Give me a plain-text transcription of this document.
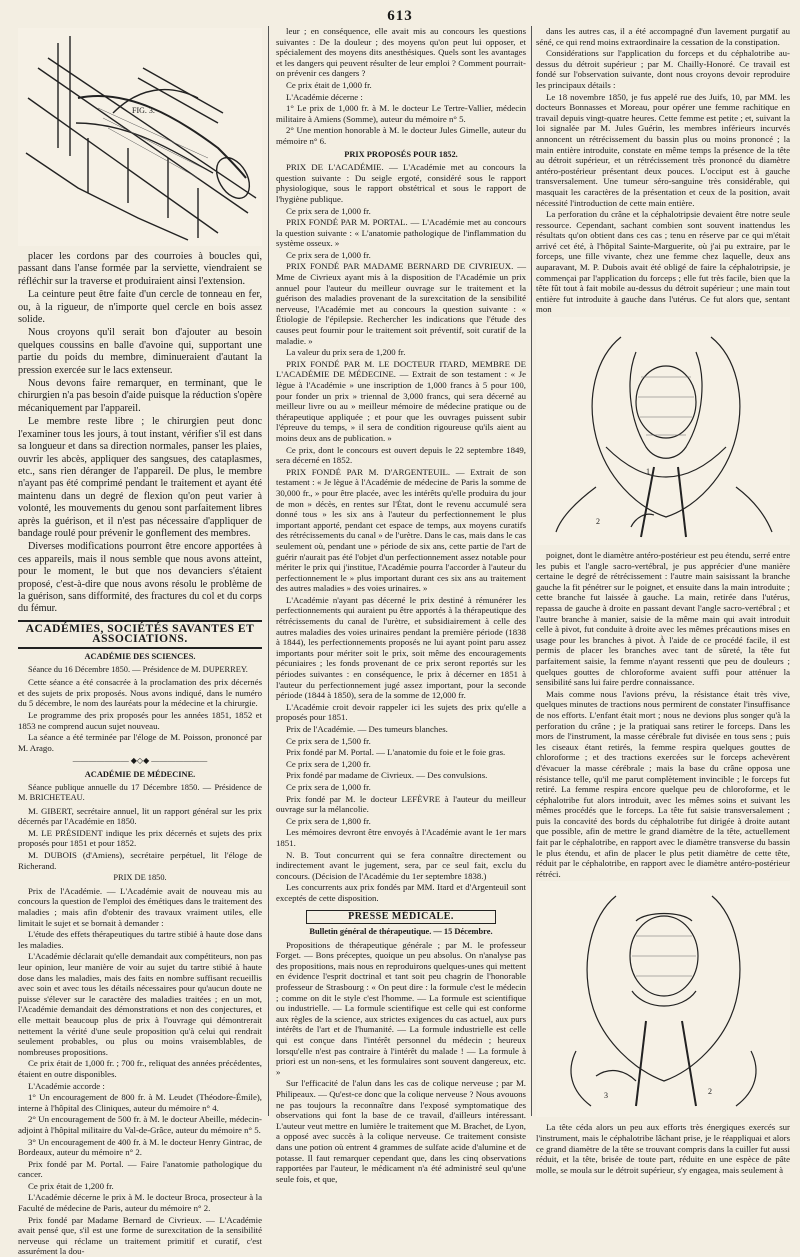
613
FIG. 3.

placer les cordons par des courroies à boucles qui, passant dans l'anse formée par la serviette, viendraient se réfléchir sur la traverse et produiraient ainsi l'extension.

La ceinture peut être faite d'un cercle de tonneau en fer, ou, à la rigueur, de n'importe quel cercle en bois assez solide.

Nous croyons qu'il serait bon d'ajouter au besoin quelques coussins en balle d'avoine qui, supportant une partie du poids du membre, diminueraient d'autant la pression exercée sur le lacs extenseur.

Nous devons faire remarquer, en terminant, que le chirurgien n'a pas besoin d'aide puisque la réduction s'opère mécaniquement par l'appareil.

Le membre reste libre ; le chirurgien peut donc l'examiner tous les jours, à tout instant, vérifier s'il est dans sa longueur et dans sa direction normales, panser les plaies, ouvrir les abcès, appliquer des sangsues, des cataplasmes, etc., sans rien déranger de l'appareil. De plus, le membre n'ayant pas été comprimé pendant le traitement et ayant été maintenu dans un degré de flexion qu'on peut varier à volonté, les mouvements du genou sont parfaitement libres après la guérison, et il n'est pas nécessaire d'appliquer de bandage roulé pour prévenir le gonflement des membres.

Diverses modifications pourront être encore apportées à ces appareils, mais il nous semble que nous avons atteint, pour le moment, le but que nos devanciers s'étaient proposé, c'est-à-dire que nous avons résolu le problème de la guérison, sans difformité, des fractures du col et du corps du fémur.

ACADÉMIES, SOCIÉTÉS SAVANTES ET ASSOCIATIONS.
ACADÉMIE DES SCIENCES.

Séance du 16 Décembre 1850. — Présidence de M. DUPERREY.

Cette séance a été consacrée à la proclamation des prix décernés et des sujets de prix proposés. Nous avons indiqué, dans le numéro du 5 décembre, le nom des lauréats pour la médecine et la chirurgie.

Le programme des prix proposés pour les années 1851, 1852 et 1853 ne comprend aucun sujet nouveau.

La séance a été terminée par l'éloge de M. Poisson, prononcé par M. Arago.

——————— ◆◇◆ ———————
ACADÉMIE DE MÉDECINE.

Séance publique annuelle du 17 Décembre 1850. — Présidence de M. BRICHETEAU.

M. GIBERT, secrétaire annuel, lit un rapport général sur les prix décernés par l'Académie en 1850.

M. LE PRÉSIDENT indique les prix décernés et sujets des prix proposés pour 1851 et pour 1852.

M. DUBOIS (d'Amiens), secrétaire perpétuel, lit l'éloge de Richerand.

PRIX DE 1850.

Prix de l'Académie. — L'Académie avait de nouveau mis au concours la question de l'emploi des émétiques dans le traitement des maladies ; mais afin d'obtenir des travaux vraiment utiles, elle limitait le sujet et se bornait à demander :

L'étude des effets thérapeutiques du tartre stibié à haute dose dans les maladies.

L'Académie déclarait qu'elle demandait aux compétiteurs, non pas leur opinion, leur manière de voir au sujet du tartre stibié à haute dose dans les maladies, mais des faits en nombre suffisant recueillis avec soin et avec tous les détails nécessaires pour qu'aucun doute ne puisse s'élever sur le caractère des maladies traitées ; en un mot, l'Académie demandait des démonstrations et non des conjectures, et elle mettait beaucoup plus de prix à l'ouvrage qui démontrerait nettement la vérité d'une seule proposition qu'à celui qui rendrait seulement probables, ou plus ou moins vraisemblables, de nombreuses propositions.

Ce prix était de 1,000 fr. ; 700 fr., reliquat des années précédentes, étaient en outre disponibles.

L'Académie accorde :

1° Un encouragement de 800 fr. à M. Leudet (Théodore-Émile), interne à l'hôpital des Cliniques, auteur du mémoire n° 4.

2° Un encouragement de 500 fr. à M. le docteur Abeille, médecin-adjoint à l'hôpital militaire du Val-de-Grâce, auteur du mémoire n° 5.

3° Un encouragement de 400 fr. à M. le docteur Henry Gintrac, de Bordeaux, auteur du mémoire n° 2.

Prix fondé par M. Portal. — Faire l'anatomie pathologique du cancer.

Ce prix était de 1,200 fr.

L'Académie décerne le prix à M. le docteur Broca, prosecteur à la Faculté de médecine de Paris, auteur du mémoire n° 2.

Prix fondé par Madame Bernard de Civrieux. — L'Académie avait pensé que, s'il est une forme de surexcitation de la sensibilité nerveuse qui réclame un traitement primitif et curatif, c'est assurément la dou-

leur ; en conséquence, elle avait mis au concours les questions suivantes : De la douleur ; des moyens qu'on peut lui opposer, et spécialement des moyens dits anesthésiques. Quels sont les avantages et les dangers qui peuvent résulter de leur emploi ? Comment pourrait-on prévenir ces dangers ?

Ce prix était de 1,000 fr.

L'Académie décerne :

1° Le prix de 1,000 fr. à M. le docteur Le Tertre-Vallier, médecin militaire à Amiens (Somme), auteur du mémoire n° 5.

2° Une mention honorable à M. le docteur Jules Gimelle, auteur du mémoire n° 6.

PRIX PROPOSÉS POUR 1852.

PRIX DE L'ACADÉMIE. — L'Académie met au concours la question suivante : Du seigle ergoté, considéré sous le rapport physiologique, sous le rapport obstétrical et sous le rapport de l'hygiène publique.

Ce prix sera de 1,000 fr.

PRIX FONDÉ PAR M. PORTAL. — L'Académie met au concours la question suivante : « L'anatomie pathologique de l'inflammation du système osseux. »

Ce prix sera de 1,000 fr.

PRIX FONDÉ PAR MADAME BERNARD DE CIVRIEUX. — Mme de Civrieux ayant mis à la disposition de l'Académie un prix annuel pour l'auteur du meilleur ouvrage sur le traitement et la guérison des maladies provenant de la surexcitation de la sensibilité nerveuse, l'Académie met au concours la question suivante : « Étiologie de l'épilepsie. Rechercher les indications que l'étude des causes peut fournir pour le traitement soit préventif, soit curatif de la maladie. »

La valeur du prix sera de 1,200 fr.

PRIX FONDÉ PAR M. LE DOCTEUR ITARD, MEMBRE DE L'ACADÉMIE DE MÉDECINE. — Extrait de son testament : « Je lègue à l'Académie » une inscription de 1,000 francs à 5 pour 100, pour fonder un prix » triennal de 3,000 francs, qui sera décerné au meilleur livre ou au » meilleur mémoire de médecine pratique ou de thérapeutique appliquée ; et pour que les ouvrages puissent subir l'épreuve du temps, » il sera de condition rigoureuse qu'ils aient au moins deux ans de publication. »

Ce prix, dont le concours est ouvert depuis le 22 septembre 1849, sera décerné en 1852.

PRIX FONDÉ PAR M. D'ARGENTEUIL. — Extrait de son testament : « Je lègue à l'Académie de médecine de Paris la somme de 30,000 fr., » pour être placée, avec les intérêts qu'elle produira du jour de mon » décès, en rentes sur l'État, dont le revenu accumulé sera donné tous » les six ans à l'auteur du perfectionnement le plus important apporté, pendant cet espace de temps, aux moyens curatifs des rétrécissements du canal » de l'urètre. Dans le cas, mais dans le cas seulement où, pendant une » période de six ans, cette partie de l'art de guérir n'aurait pas été l'objet d'un perfectionnement assez notable pour mériter le prix qui j'institue, l'Académie pourra l'accorder à l'auteur du perfectionnement le » plus important durant ces six ans au traitement des autres maladies » des voies urinaires. »

L'Académie n'ayant pas décerné le prix destiné à rémunérer les perfectionnements qui auraient pu être apportés à la thérapeutique des rétrécissements du canal de l'urètre, et subsidiairement à celle des autres maladies des voies urinaires pendant la première période (1838 à 1844), les perfectionnements proposés ne lui ayant point paru assez importants pour mériter soit le prix, soit même des encouragements pécuniaires ; les fonds provenant de ce prix seront reportés sur les périodes suivantes : en conséquence, le prix à décerner en 1851 à l'auteur du perfectionnement jugé assez important, pour la seconde période (1844 à 1850), sera de la somme de 12,000 fr.

L'Académie croit devoir rappeler ici les sujets des prix qu'elle a proposés pour 1851.

Prix de l'Académie. — Des tumeurs blanches.

Ce prix sera de 1,500 fr.

Prix fondé par M. Portal. — L'anatomie du foie et le foie gras.

Ce prix sera de 1,200 fr.

Prix fondé par madame de Civrieux. — Des convulsions.

Ce prix sera de 1,000 fr.

Prix fondé par M. le docteur LEFÈVRE à l'auteur du meilleur ouvrage sur la mélancolie.

Ce prix sera de 1,800 fr.

Les mémoires devront être envoyés à l'Académie avant le 1er mars 1851.

N. B. Tout concurrent qui se fera connaître directement ou indirectement avant le jugement, sera, par ce seul fait, exclu du concours. (Décision de l'Académie du 1er septembre 1838.)

Les concurrents aux prix fondés par MM. Itard et d'Argenteuil sont exceptés de cette disposition.

PRESSE MÉDICALE.
Bulletin général de thérapeutique. — 15 Décembre.

Propositions de thérapeutique générale ; par M. le professeur Forget. — Bons préceptes, quoique un peu absolus. On n'analyse pas des propositions, mais nous en reproduirons quelques-unes qui mettent en évidence l'esprit doctrinal et tant soit peu chagrin de l'honorable professeur de Strasbourg : « On peut dire : la formule c'est le médecin ; comme on dit le style c'est l'homme. — La formule est scientifique ou industrielle. — La formule scientifique est celle qui est conforme aux règles de la science, aux strictes exigences du cas actuel, aux purs intérêts de l'art et de l'humanité. — La formule industrielle est celle qui est conçue dans l'intérêt personnel du médecin ; heureux lorsqu'elle n'est pas contraire à l'intérêt du malade ! — La formule à priori est un non-sens, et les formulaires sont souvent dangereux, etc. »

Sur l'efficacité de l'alun dans les cas de colique nerveuse ; par M. Philipeaux. — Qu'est-ce donc que la colique nerveuse ? Nous avouons ne pas toujours la reconnaître dans l'exposé symptomatique des observations qui font la base de ce travail, d'ailleurs intéressant. L'auteur veut mettre en lumière le traitement que M. Brachet, de Lyon, a opposé avec succès à la colique nerveuse. Ce traitement consiste dans une potion où entrent 4 grammes de sulfate acide d'alumine et de potasse. Il faut remarquer cependant que, dans les cinq observations rapportées par l'auteur, le médicament n'a été administré seul qu'une seule fois, et que,

dans les autres cas, il a été accompagné d'un lavement purgatif au séné, ce qui rend moins extraordinaire la cessation de la constipation.

Considérations sur l'application du forceps et du céphalotribe au-dessus du détroit supérieur ; par M. Chailly-Honoré. Ce travail est fondé sur l'observation suivante, dont nous croyons devoir reproduire les principaux détails :

Le 18 novembre 1850, je fus appelé rue des Juifs, 10, par MM. les docteurs Bonnasses et Moreau, pour opérer une femme rachitique en travail depuis vingt-quatre heures. Cette femme est petite ; et, suivant la loi signalée par M. Jules Guérin, les membres inférieurs incurvés annoncent un rétrécissement du bassin plus ou moins prononcé ; la main entière introduite, constate en même temps la présence de la tête au détroit supérieur, et un rétrécissement très prononcé du diamètre antéro-postérieur présentant deux pouces. L'occiput est à gauche transversalement. Une tumeur séro-sanguine très considérable, qui masquait les caractères de la présentation et ceux de la position, avait nécessité l'introduction de cette main entière.

La perforation du crâne et la céphalotripsie devaient être notre seule ressource. Cependant, sachant combien sont souvent inattendus les résultats qu'on obtient dans ces cas ; tenu en réserve par ce qui m'était arrivé cet été, à l'hôpital Sainte-Marguerite, où j'ai pu extraire, par le forceps, une fille vivante, chez une femme chez laquelle, deux ans auparavant, M. P. Dubois avait été obligé de faire la céphalotripsie, je commençai par l'application du forceps ; elle fut très facile, bien que la tête fût tout à fait mobile au-dessus du détroit supérieur ; une main tout entière fut introduite à gauche dans l'utérus. Ce fut alors que, sentant mon

1
2

poignet, dont le diamètre antéro-postérieur est peu étendu, serré entre les pubis et l'angle sacro-vertébral, je pus apprécier d'une manière certaine le degré de rétrécissement : l'autre main saisissant la branche gauche la fit pénétrer sur le poignet, et ensuite dans la main introduite ; cette branche fut laissée à gauche. La main, retirée dans l'utérus, repassa de gauche à droite en passant devant l'angle sacro-vertébral ; et l'autre branche à manier, saisie de la même main qui avait introduit celle à pivot, fut conduite à droite avec les mêmes précautions mises en usage pour les branches à pivot. À l'aide de ce procédé facile, il est permis de placer les branches avec tant de sûreté, la tête fut parfaitement saisie, la femme n'ayant ressenti que peu de douleurs ; quelques gouttes de chloroforme avaient suffi pour atténuer la sensibilité sans lui faire perdre connaissance.

Mais comme nous l'avions prévu, la résistance était très vive, quelques minutes de tractions nous permirent de constater l'insuffisance de nos efforts. L'enfant était mort ; nous ne devions plus songer qu'à la perforation du crâne ; je la pratiquai sans retirer le forceps. Dans les mors de l'instrument, la masse cérébrale fut divisée en tous sens ; puis les ciseaux étant retirés, la femme respira quelques gouttes de chloroforme ; et des tractions exercées sur le forceps achevèrent d'évacuer la masse cérébrale ; mais la base du crâne opposa une résistance telle, qu'il me parut complètement invincible ; le forceps fut retiré. La femme respira encore quelque peu de chloroforme, et le céphalotribe fut alors introduit, avec les mêmes soins et suivant les mêmes procédés que le forceps. La tête fut saisie transversalement ; puis la concavité des bords du céphalotribe fut dirigée à droite autant que possible, afin de mettre le grand diamètre de la tête, actuellement fait par le céphalotribe, en rapport avec le diamètre transverse du bassin le plus étendu, et afin de placer le plus petit diamètre de cette tête, réduit par le céphalotribe, en rapport avec le diamètre antéro-postérieur rétréci.

3	2

La tête céda alors un peu aux efforts très énergiques exercés sur l'instrument, mais le céphalotribe lâchant prise, je le réappliquai et alors ce grand diamètre de la tête se trouvant compris dans la cuiller fut aussi réduit, et la tête, brisée de toute part, réduite en une espèce de pâte molle, se moula sur le détroit supérieur, s'y engagea, mais seulement à
